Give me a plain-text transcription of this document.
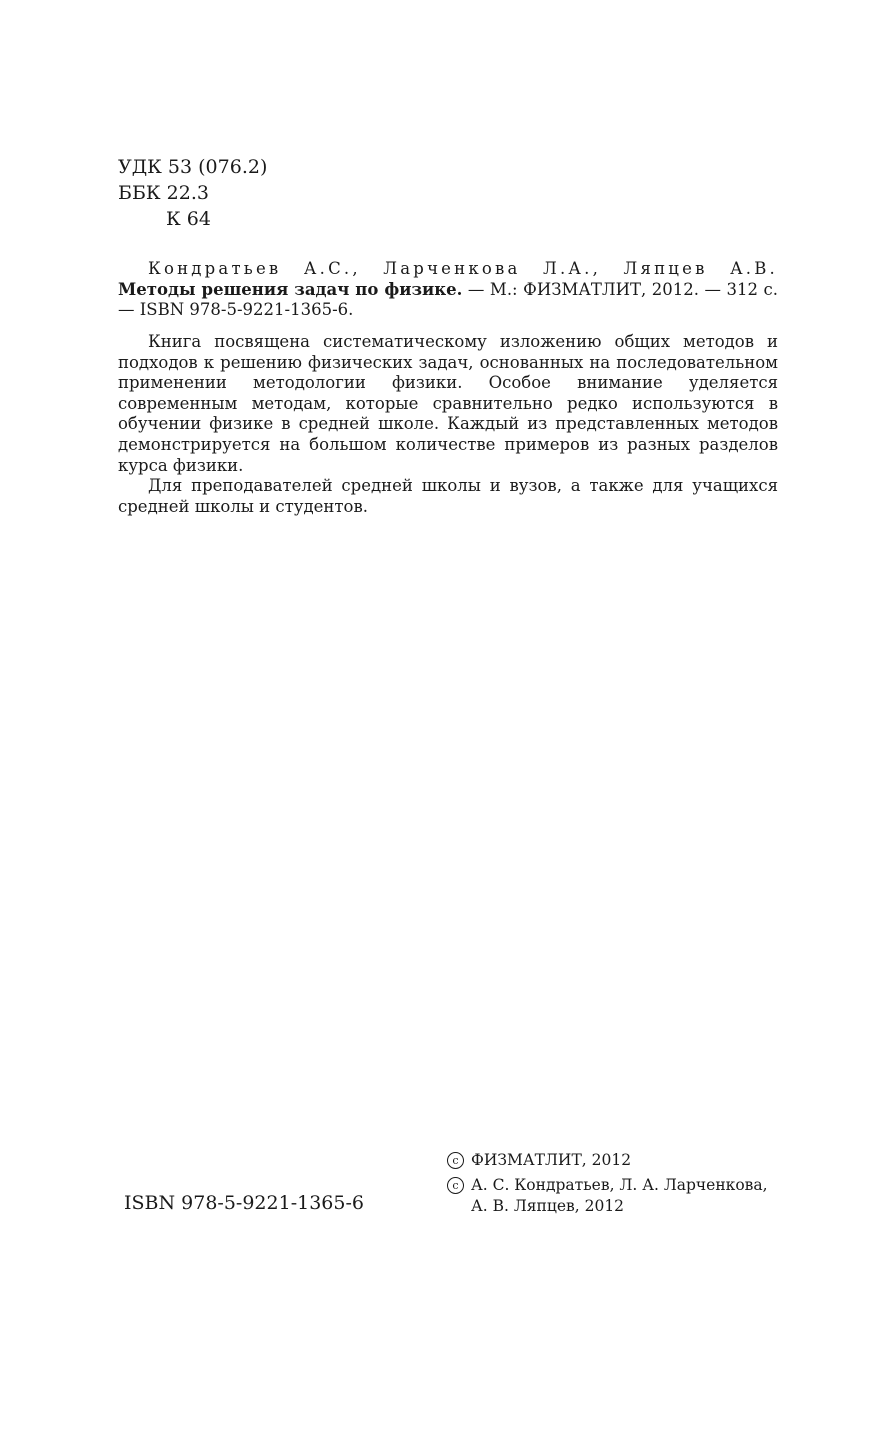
УДК 53 (076.2)
ББК 22.3
К 64

Кондратьев А.С., Ларченкова Л.А., Ляпцев А.В. Методы решения задач по физике. — М.: ФИЗМАТЛИТ, 2012. — 312 с. — ISBN 978-5-9221-1365-6.

Книга посвящена систематическому изложению общих методов и подходов к решению физических задач, основанных на последовательном применении методологии физики. Особое внимание уделяется современным методам, которые сравнительно редко используются в обучении физике в средней школе. Каждый из представленных методов демонстрируется на большом количестве примеров из разных разделов курса физики.

Для преподавателей средней школы и вузов, а также для учащихся средней школы и студентов.

ISBN 978-5-9221-1365-6
c ФИЗМАТЛИТ, 2012
c А. С. Кондратьев, Л. А. Ларченкова,
А. В. Ляпцев, 2012
